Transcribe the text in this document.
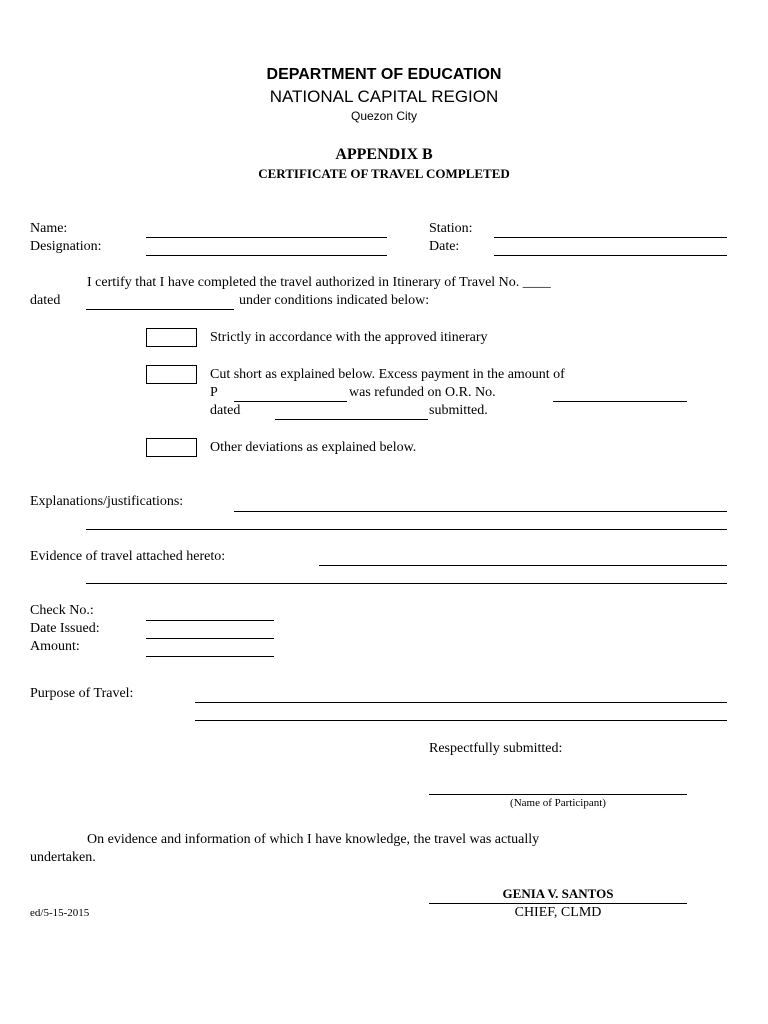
DEPARTMENT OF EDUCATION
NATIONAL CAPITAL REGION
Quezon City
APPENDIX B
CERTIFICATE OF TRAVEL COMPLETED
Name:
Designation:
Station:
Date:
I certify that I have completed the travel authorized in Itinerary of Travel No. ____
dated	under conditions indicated below:
Strictly in accordance with the approved itinerary
Cut short as explained below. Excess payment in the amount of
P	was refunded on O.R. No.
dated	submitted.
Other deviations as explained below.
Explanations/justifications:
Evidence of travel attached hereto:
Check No.:
Date Issued:
Amount:
Purpose of Travel:
Respectfully submitted:
(Name of Participant)
On evidence and information of which I have knowledge, the travel was actually
undertaken.
GENIA V. SANTOS
CHIEF, CLMD
ed/5-15-2015
